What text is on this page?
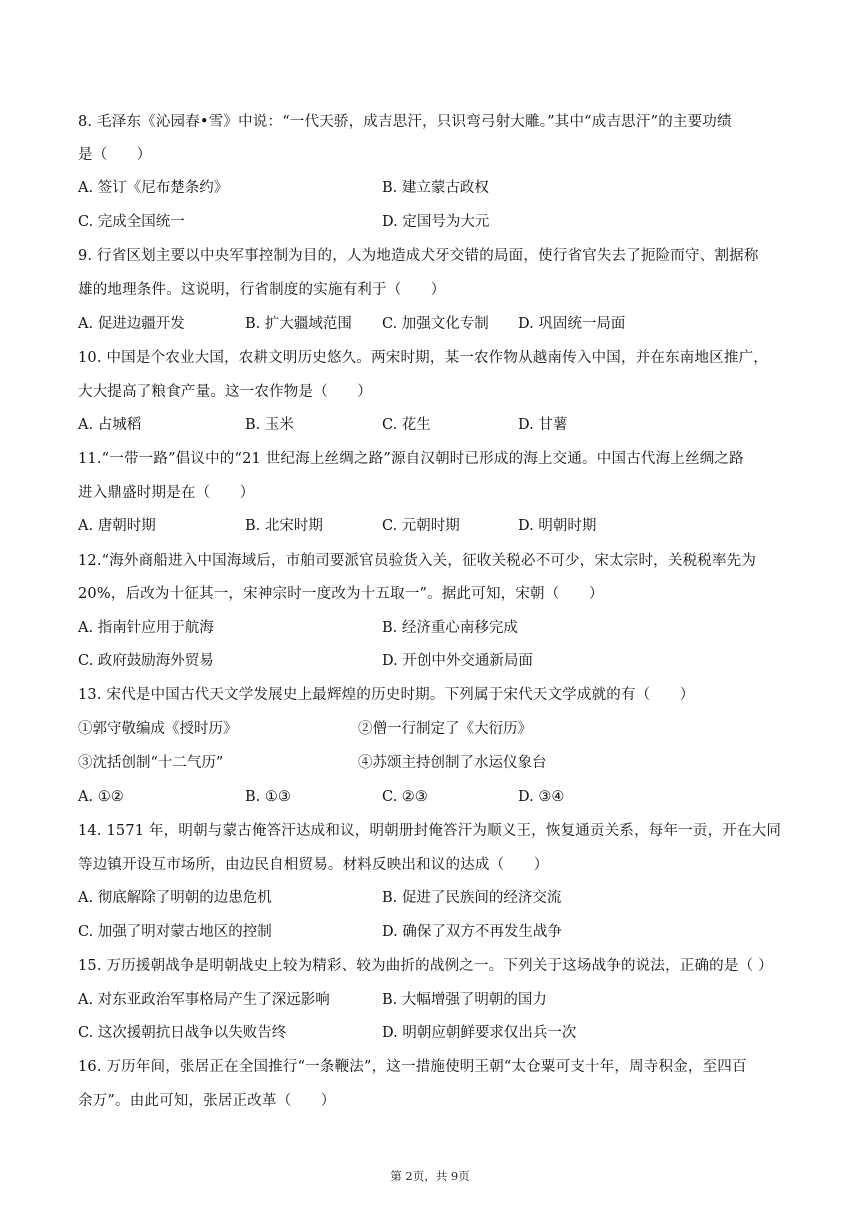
8. 毛泽东《沁园春•雪》中说：“一代天骄，成吉思汗，只识弯弓射大雕。”其中“成吉思汗”的主要功绩
是（　　）
A. 签订《尼布楚条约》	B. 建立蒙古政权
C. 完成全国统一	D. 定国号为大元
9. 行省区划主要以中央军事控制为目的，人为地造成犬牙交错的局面，使行省官失去了扼险而守、割据称
雄的地理条件。这说明，行省制度的实施有利于（　　）
A. 促进边疆开发	B. 扩大疆域范围 C. 加强文化专制 D. 巩固统一局面
10. 中国是个农业大国，农耕文明历史悠久。两宋时期，某一农作物从越南传入中国，并在东南地区推广，
大大提高了粮食产量。这一农作物是（　　）
A. 占城稻	B. 玉米	C. 花生	D. 甘薯
11.“一带一路”倡议中的“21 世纪海上丝绸之路”源自汉朝时已形成的海上交通。中国古代海上丝绸之路
进入鼎盛时期是在（　　）
A. 唐朝时期	B. 北宋时期	C. 元朝时期	D. 明朝时期
12.“海外商船进入中国海域后，市舶司要派官员验货入关，征收关税必不可少，宋太宗时，关税税率先为
20%，后改为十征其一，宋神宗时一度改为十五取一”。据此可知，宋朝（　　）
A. 指南针应用于航海	B. 经济重心南移完成
C. 政府鼓励海外贸易	D. 开创中外交通新局面
13. 宋代是中国古代天文学发展史上最辉煌的历史时期。下列属于宋代天文学成就的有（　　）
①郭守敬编成《授时历》	②僧一行制定了《大衍历》
③沈括创制“十二气历”	④苏颂主持创制了水运仪象台
A. ①②	B. ①③	C. ②③	D. ③④
14. 1571 年，明朝与蒙古俺答汗达成和议，明朝册封俺答汗为顺义王，恢复通贡关系，每年一贡，开在大同
等边镇开设互市场所，由边民自相贸易。材料反映出和议的达成（　　）
A. 彻底解除了明朝的边患危机	B. 促进了民族间的经济交流
C. 加强了明对蒙古地区的控制	D. 确保了双方不再发生战争
15. 万历援朝战争是明朝战史上较为精彩、较为曲折的战例之一。下列关于这场战争的说法，正确的是（ ）
A. 对东亚政治军事格局产生了深远影响	B. 大幅增强了明朝的国力
C. 这次援朝抗日战争以失败告终	D. 明朝应朝鲜要求仅出兵一次
16. 万历年间，张居正在全国推行“一条鞭法”，这一措施使明王朝“太仓粟可支十年，周寺积金，至四百
余万”。由此可知，张居正改革（　　）
第 2页，共 9页
